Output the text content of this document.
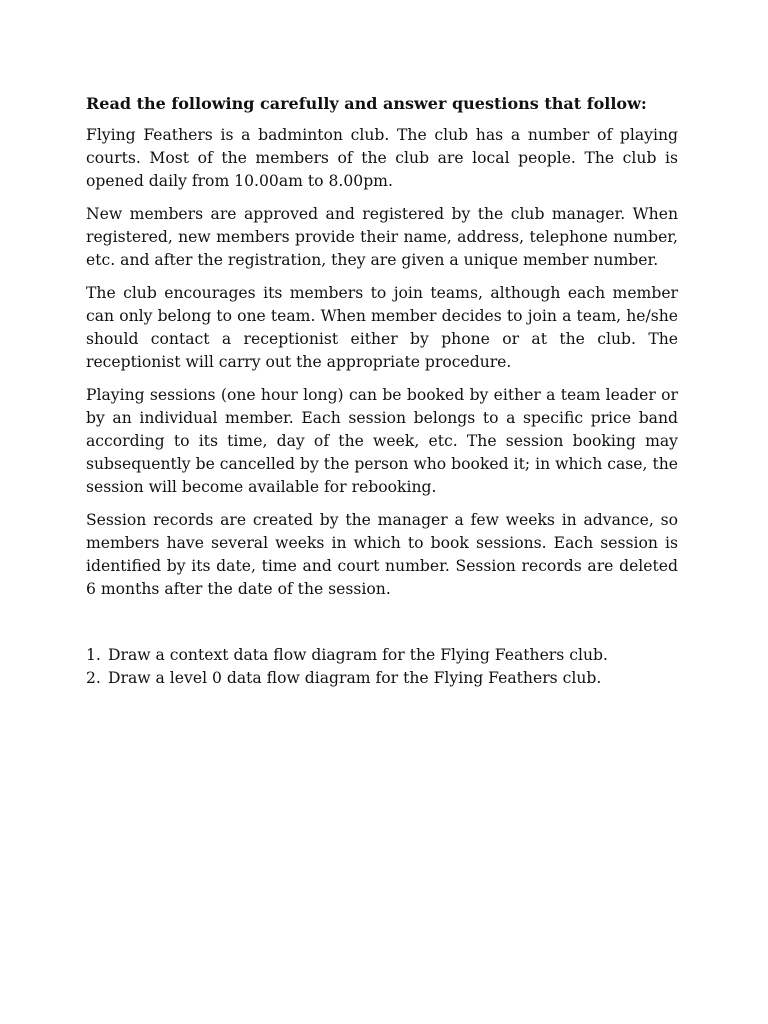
Read the following carefully and answer questions that follow:

Flying Feathers is a badminton club. The club has a number of playing courts. Most of the members of the club are local people. The club is opened daily from 10.00am to 8.00pm.

New members are approved and registered by the club manager. When registered, new members provide their name, address, telephone number, etc. and after the registration, they are given a unique member number.

The club encourages its members to join teams, although each member can only belong to one team. When member decides to join a team, he/she should contact a receptionist either by phone or at the club. The receptionist will carry out the appropriate procedure.

Playing sessions (one hour long) can be booked by either a team leader or by an individual member. Each session belongs to a specific price band according to its time, day of the week, etc. The session booking may subsequently be cancelled by the person who booked it; in which case, the session will become available for rebooking.

Session records are created by the manager a few weeks in advance, so members have several weeks in which to book sessions. Each session is identified by its date, time and court number. Session records are deleted 6 months after the date of the session.

1. Draw a context data flow diagram for the Flying Feathers club.
2. Draw a level 0 data flow diagram for the Flying Feathers club.
